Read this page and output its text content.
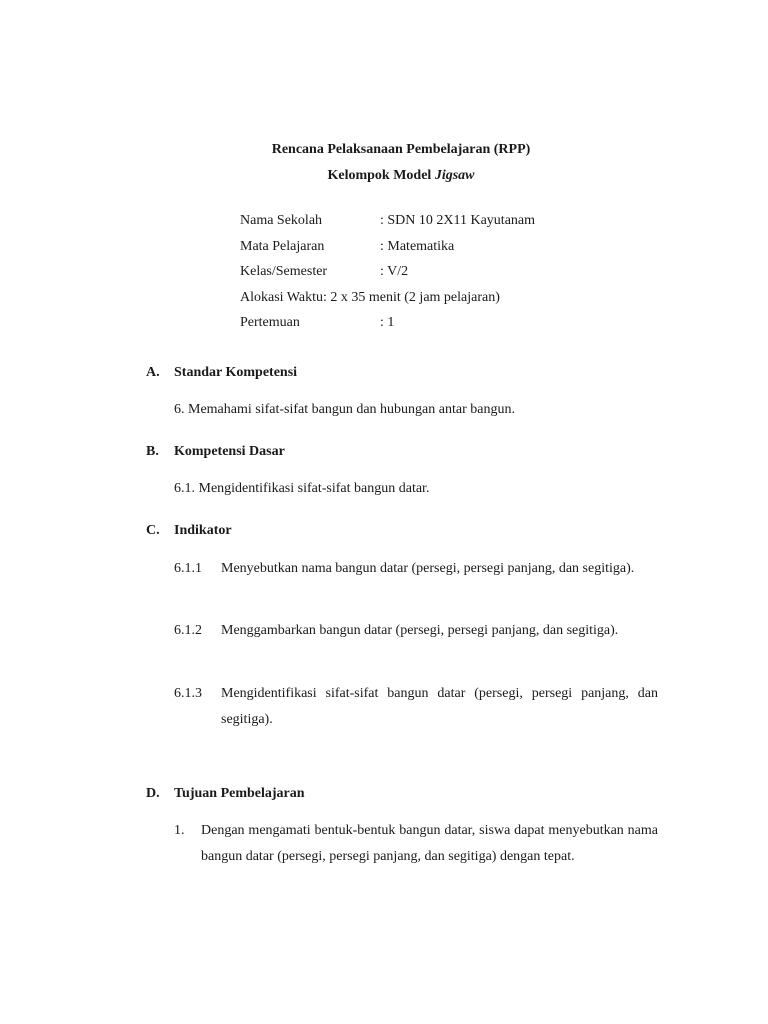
Rencana Pelaksanaan Pembelajaran (RPP)
Kelompok Model Jigsaw
Nama Sekolah	: SDN 10 2X11 Kayutanam
Mata Pelajaran	: Matematika
Kelas/Semester	: V/2
Alokasi Waktu: 2 x 35 menit (2 jam pelajaran)
Pertemuan	: 1
A. Standar Kompetensi
6. Memahami sifat-sifat bangun dan hubungan antar bangun.
B. Kompetensi Dasar
6.1. Mengidentifikasi sifat-sifat bangun datar.
C. Indikator
6.1.1 Menyebutkan nama bangun datar (persegi, persegi panjang, dan segitiga).
6.1.2 Menggambarkan bangun datar (persegi, persegi panjang, dan segitiga).
6.1.3 Mengidentifikasi sifat-sifat bangun datar (persegi, persegi panjang, dan segitiga).
D. Tujuan Pembelajaran
1. Dengan mengamati bentuk-bentuk bangun datar, siswa dapat menyebutkan nama bangun datar (persegi, persegi panjang, dan segitiga) dengan tepat.
